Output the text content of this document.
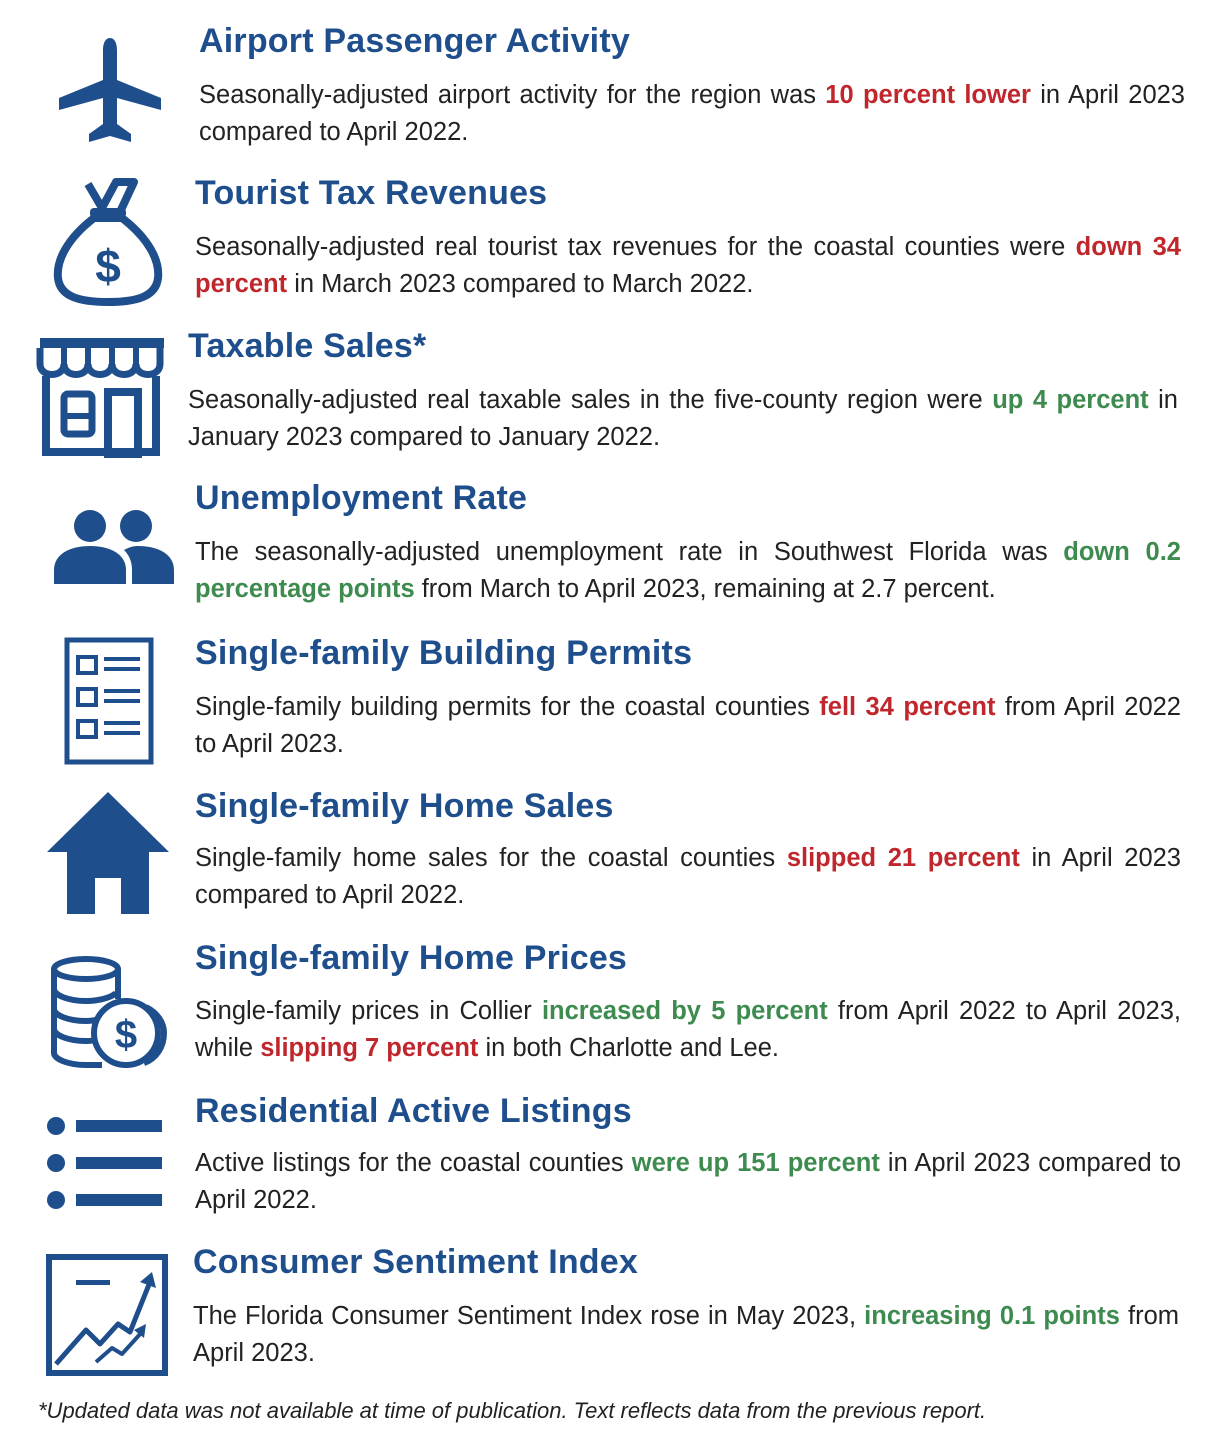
Airport Passenger Activity
Seasonally-adjusted airport activity for the region was 10 percent lower in April 2023 compared to April 2022.
$
Tourist Tax Revenues
Seasonally-adjusted real tourist tax revenues for the coastal counties were down 34 percent in March 2023 compared to March 2022.
Taxable Sales*
Seasonally-adjusted real taxable sales in the five-county region were up 4 percent in January 2023 compared to January 2022.
Unemployment Rate
The seasonally-adjusted unemployment rate in Southwest Florida was down 0.2 percentage points from March to April 2023, remaining at 2.7 percent.
Single-family Building Permits
Single-family building permits for the coastal counties fell 34 percent from April 2022 to April 2023.
Single-family Home Sales
Single-family home sales for the coastal counties slipped 21 percent in April 2023 compared to April 2022.
$
Single-family Home Prices
Single-family prices in Collier increased by 5 percent from April 2022 to April 2023, while slipping 7 percent in both Charlotte and Lee.
Residential Active Listings
Active listings for the coastal counties were up 151 percent in April 2023 compared to April 2022.
Consumer Sentiment Index
The Florida Consumer Sentiment Index rose in May 2023, increasing 0.1 points from April 2023.
*Updated data was not available at time of publication. Text reflects data from the previous report.
